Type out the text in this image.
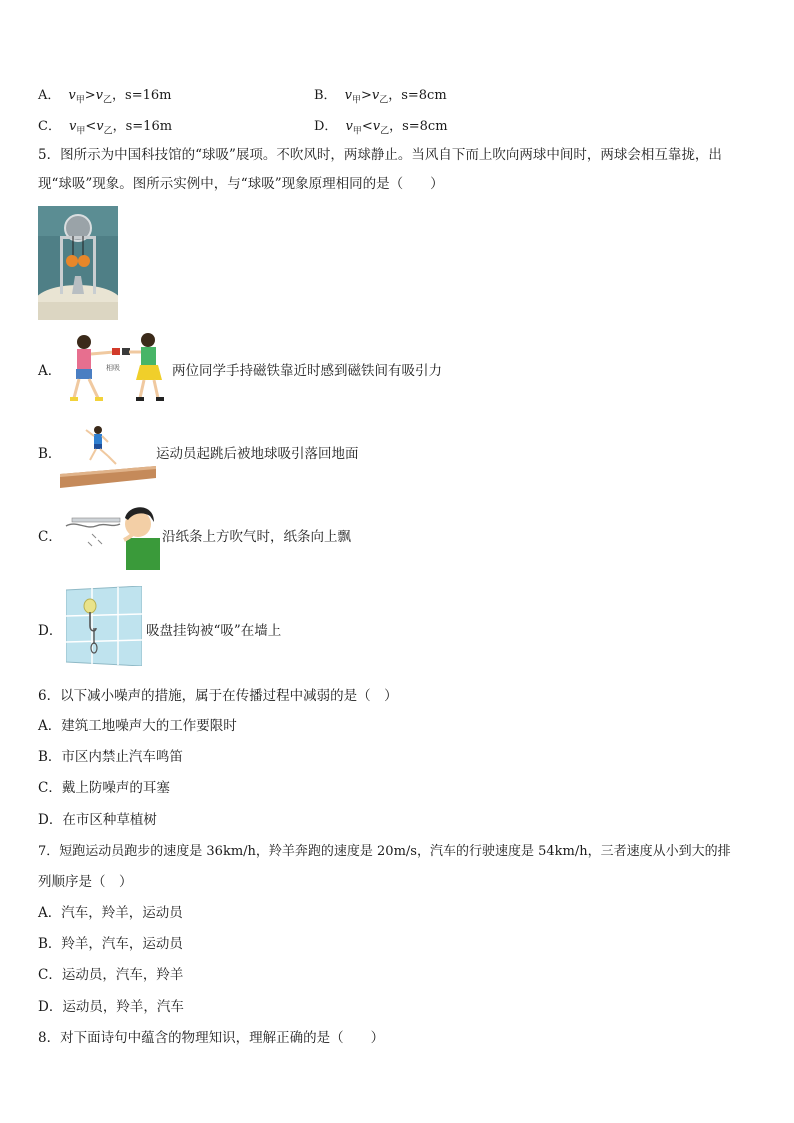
A． $v_甲>v_乙$，s=16m	B． $v_甲>v_乙$，s=8cm
C． $v_甲<v_乙$，s=16m	D． $v_甲<v_乙$，s=8cm
5．图所示为中国科技馆的“球吸”展项。不吹风时，两球静止。当风自下而上吹向两球中间时，两球会相互靠拢，出
现“球吸”现象。图所示实例中，与“球吸”现象原理相同的是（　　）
A．	相吸	两位同学手持磁铁靠近时感到磁铁间有吸引力
B．	运动员起跳后被地球吸引落回地面
C．	沿纸条上方吹气时，纸条向上飘
D．	吸盘挂钩被“吸”在墙上
6．以下减小噪声的措施，属于在传播过程中减弱的是（　）
A．建筑工地噪声大的工作要限时
B．市区内禁止汽车鸣笛
C．戴上防噪声的耳塞
D．在市区种草植树
7．短跑运动员跑步的速度是 36km/h，羚羊奔跑的速度是 20m/s，汽车的行驶速度是 54km/h，三者速度从小到大的排
列顺序是（　）
A．汽车，羚羊，运动员
B．羚羊，汽车，运动员
C．运动员，汽车，羚羊
D．运动员，羚羊，汽车
8．对下面诗句中蕴含的物理知识，理解正确的是（　　）
